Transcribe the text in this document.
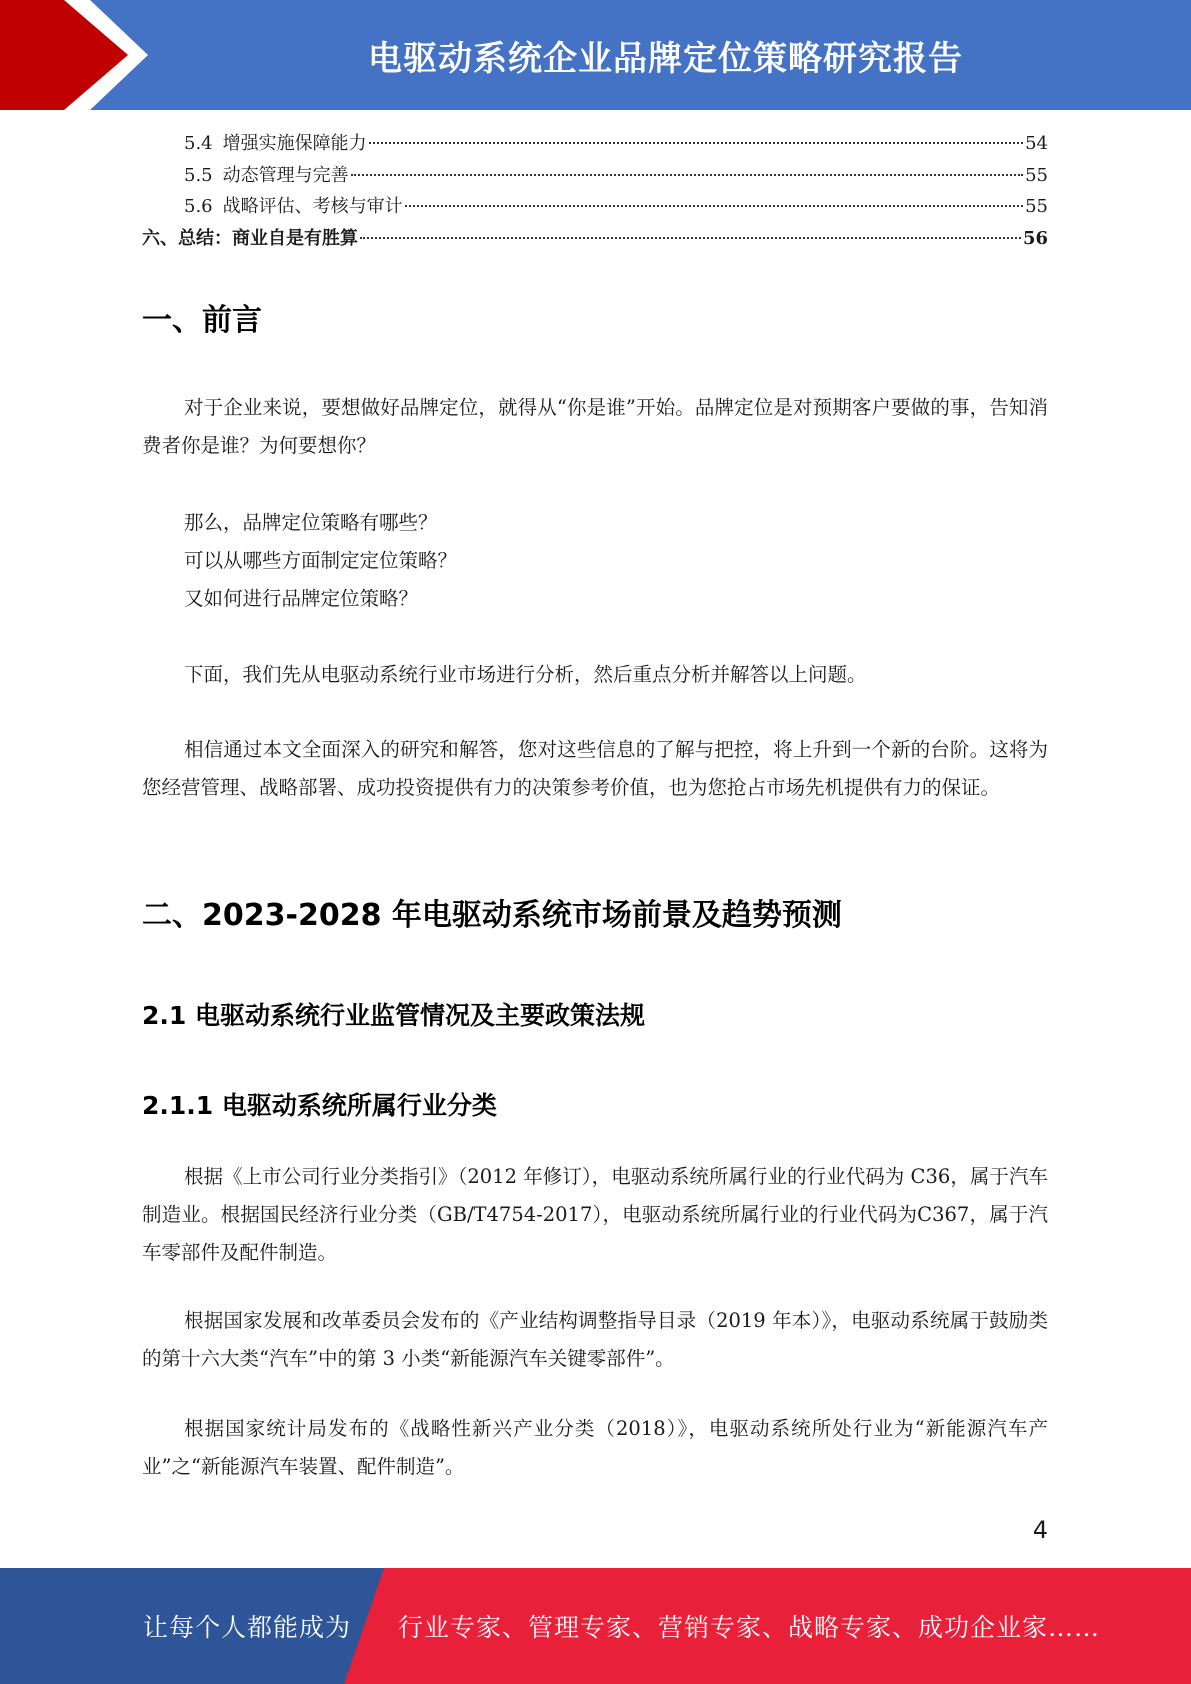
电驱动系统企业品牌定位策略研究报告
5.4 增强实施保障能力	54
5.5 动态管理与完善	55
5.6 战略评估、考核与审计	55
六、总结：商业自是有胜算	56
一、前言

对于企业来说，要想做好品牌定位，就得从“你是谁”开始。品牌定位是对预期客户要做的事，告知消费者你是谁？为何要想你？

那么，品牌定位策略有哪些？

可以从哪些方面制定定位策略？

又如何进行品牌定位策略？

下面，我们先从电驱动系统行业市场进行分析，然后重点分析并解答以上问题。

相信通过本文全面深入的研究和解答，您对这些信息的了解与把控，将上升到一个新的台阶。这将为您经营管理、战略部署、成功投资提供有力的决策参考价值，也为您抢占市场先机提供有力的保证。

二、2023-2028 年电驱动系统市场前景及趋势预测
2.1 电驱动系统行业监管情况及主要政策法规
2.1.1 电驱动系统所属行业分类

根据《上市公司行业分类指引》（2012 年修订），电驱动系统所属行业的行业代码为 C36，属于汽车制造业。根据国民经济行业分类（GB/T4754-2017），电驱动系统所属行业的行业代码为C367，属于汽车零部件及配件制造。

根据国家发展和改革委员会发布的《产业结构调整指导目录（2019 年本）》，电驱动系统属于鼓励类的第十六大类“汽车”中的第 3 小类“新能源汽车关键零部件”。

根据国家统计局发布的《战略性新兴产业分类（2018）》，电驱动系统所处行业为“新能源汽车产业”之“新能源汽车装置、配件制造”。

4
让每个人都能成为 行业专家、管理专家、营销专家、战略专家、成功企业家……
